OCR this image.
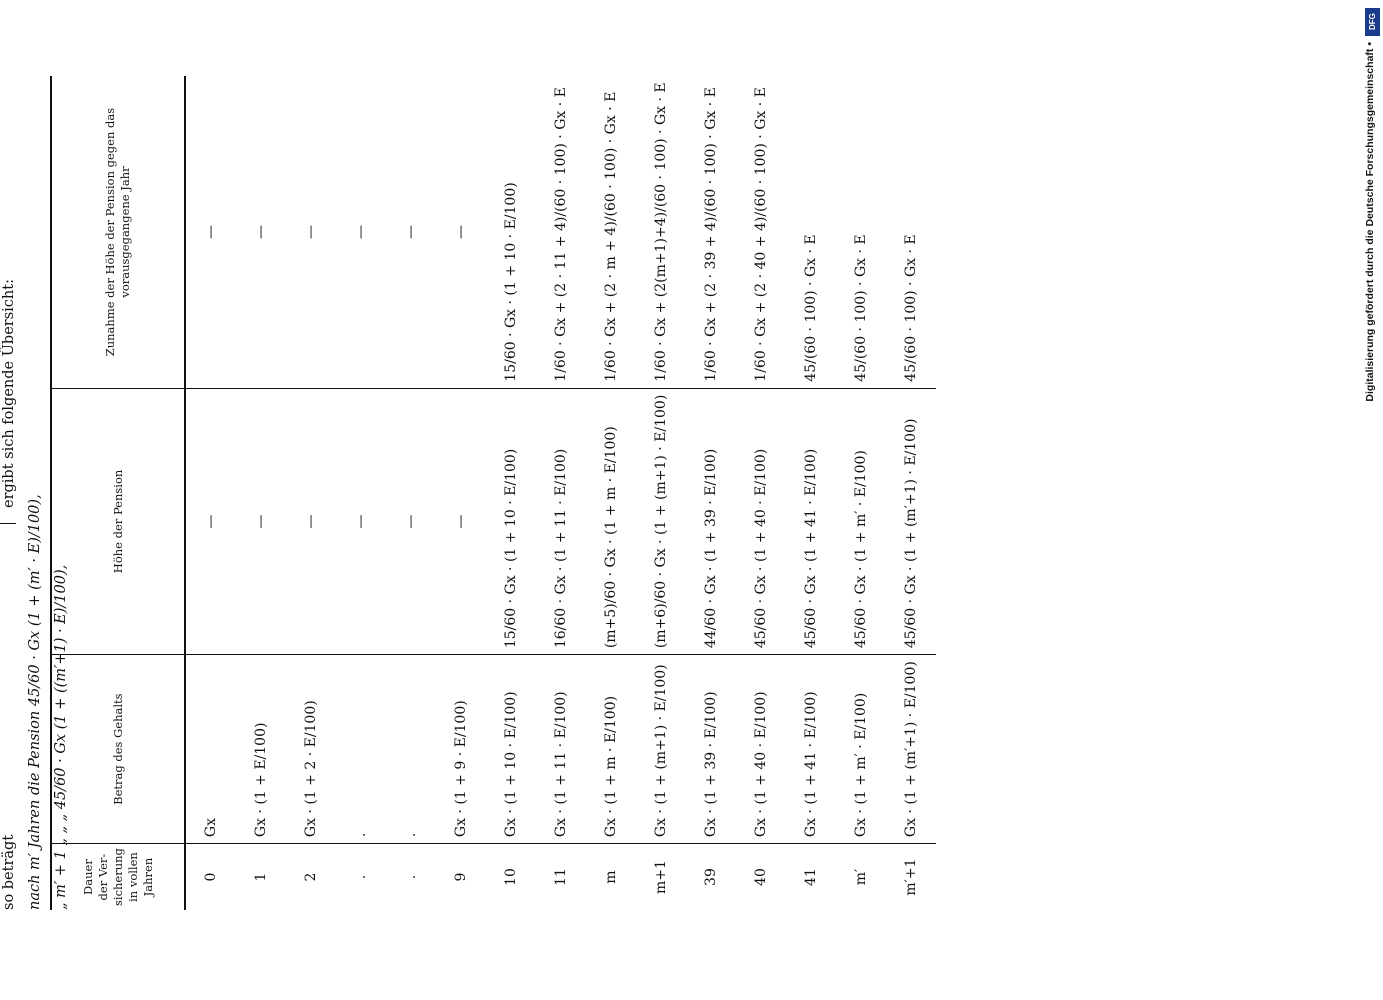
so beträgt nach m′ Jahren die Pension 45/60 · Gx (1 + (m′ · E)/100), „ m′ + 1 „ „ „ 45/60 · Gx (1 + ((m′+1) · E)/100),
ergibt sich folgende Übersicht:
Dauer der Ver-sicherung in vollen Jahren	Betrag des Gehalts	Höhe der Pension	Zunahme der Höhe der Pension gegen das vorausgegangene Jahr
0	Gx	—	—
1	Gx · (1 + E/100)	—	—
2	Gx · (1 + 2 · E/100)	—	—
.	.	—	—
.	.	—	—
9	Gx · (1 + 9 · E/100)	—	—
10	Gx · (1 + 10 · E/100)	15/60 · Gx · (1 + 10 · E/100)	15/60 · Gx · (1 + 10 · E/100)
11	Gx · (1 + 11 · E/100)	16/60 · Gx · (1 + 11 · E/100)	1/60 · Gx + (2 · 11 + 4)/(60 · 100) · Gx · E
m	Gx · (1 + m · E/100)	(m+5)/60 · Gx · (1 + m · E/100)	1/60 · Gx + (2 · m + 4)/(60 · 100) · Gx · E
m+1	Gx · (1 + (m+1) · E/100)	(m+6)/60 · Gx · (1 + (m+1) · E/100)	1/60 · Gx + (2(m+1)+4)/(60 · 100) · Gx · E
39	Gx · (1 + 39 · E/100)	44/60 · Gx · (1 + 39 · E/100)	1/60 · Gx + (2 · 39 + 4)/(60 · 100) · Gx · E
40	Gx · (1 + 40 · E/100)	45/60 · Gx · (1 + 40 · E/100)	1/60 · Gx + (2 · 40 + 4)/(60 · 100) · Gx · E
41	Gx · (1 + 41 · E/100)	45/60 · Gx · (1 + 41 · E/100)	45/(60 · 100) · Gx · E
m′	Gx · (1 + m′ · E/100)	45/60 · Gx · (1 + m′ · E/100)	45/(60 · 100) · Gx · E
m′+1	Gx · (1 + (m′+1) · E/100)	45/60 · Gx · (1 + (m′+1) · E/100)	45/(60 · 100) · Gx · E
DFG
Digitalisierung gefördert durch die Deutsche Forschungsgemeinschaft •
